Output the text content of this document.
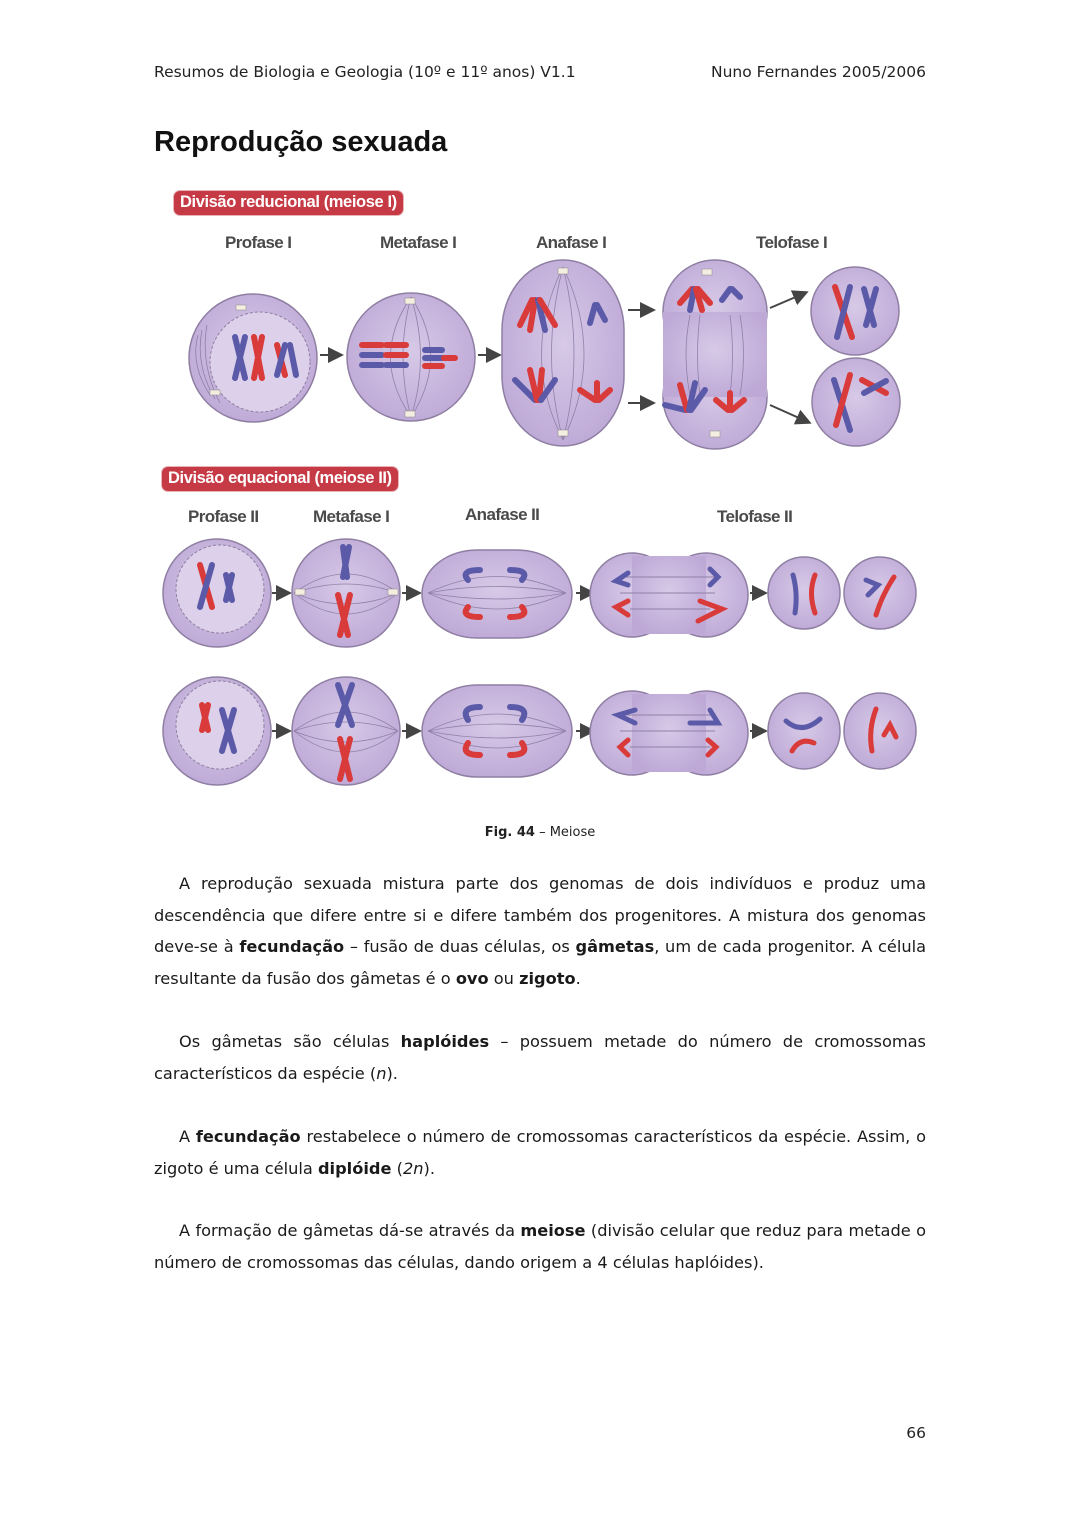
Resumos de Biologia e Geologia (10º e 11º anos) V1.1	Nuno Fernandes 2005/2006
Reprodução sexuada
Divisão reducional (meiose I)
Profase I	Metafase I	Anafase I	Telofase I
Divisão equacional (meiose II)
Profase II	Metafase I	Anafase II	Telofase II
Fig. 44 – Meiose

A reprodução sexuada mistura parte dos genomas de dois indivíduos e produz uma descendência que difere entre si e difere também dos progenitores. A mistura dos genomas deve-se à fecundação – fusão de duas células, os gâmetas, um de cada progenitor. A célula resultante da fusão dos gâmetas é o ovo ou zigoto.

Os gâmetas são células haplóides – possuem metade do número de cromossomas característicos da espécie (n).

A fecundação restabelece o número de cromossomas característicos da espécie. Assim, o zigoto é uma célula diplóide (2n).

A formação de gâmetas dá-se através da meiose (divisão celular que reduz para metade o número de cromossomas das células, dando origem a 4 células haplóides).

66
